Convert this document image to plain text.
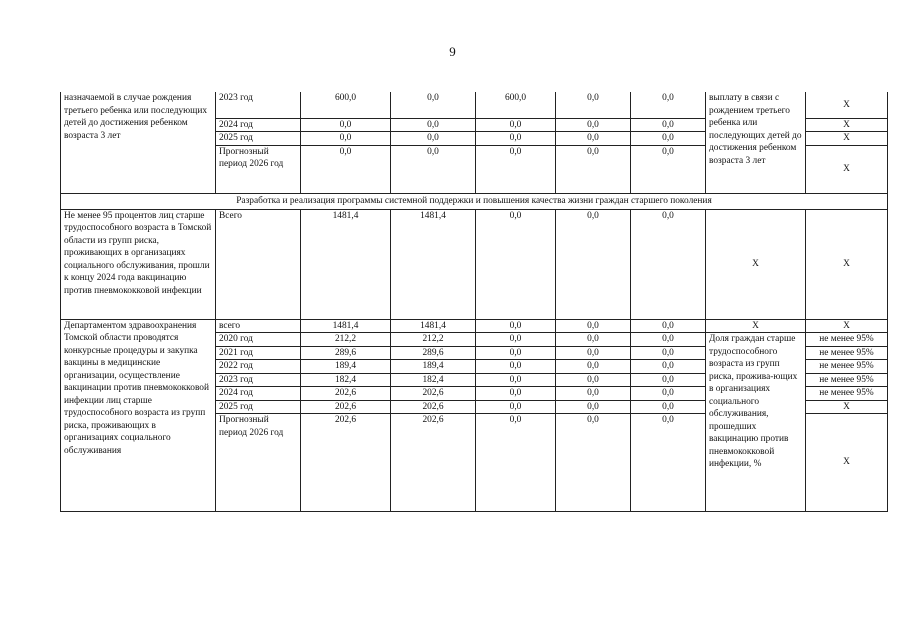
9
назначаемой в случае рождения третьего ребенка или последующих детей до достижения ребенком возраста 3 лет	2023 год	600,0	0,0	600,0	0,0	0,0	выплату в связи с рождением третьего ребенка или последующих детей до достижения ребенком возраста 3 лет	Х
	2024 год	0,0	0,0	0,0	0,0	0,0		Х
	2025 год	0,0	0,0	0,0	0,0	0,0		Х
	Прогнозный период 2026 год	0,0	0,0	0,0	0,0	0,0		Х
Разработка и реализация программы системной поддержки и повышения качества жизни граждан старшего поколения								
Не менее 95 процентов лиц старше трудоспособного возраста в Томской области из групп риска, проживающих в организациях социального обслуживания, прошли к концу 2024 года вакцинацию против пневмококковой инфекции	Всего	1481,4	1481,4	0,0	0,0	0,0	Х	Х
Департаментом здравоохранения Томской области проводятся конкурсные процедуры и закупка вакцины в медицинские организации, осуществление вакцинации против пневмококковой инфекции лиц старше трудоспособного возраста из групп риска, проживающих в организациях социального обслуживания	всего	1481,4	1481,4	0,0	0,0	0,0	Х	Х
	2020 год	212,2	212,2	0,0	0,0	0,0	Доля граждан старше трудоспособного возраста из групп риска, прожива-ющих в организациях социального обслуживания, прошедших вакцинацию против пневмококковой инфекции, %	не менее 95%
	2021 год	289,6	289,6	0,0	0,0	0,0		не менее 95%
	2022 год	189,4	189,4	0,0	0,0	0,0		не менее 95%
	2023 год	182,4	182,4	0,0	0,0	0,0		не менее 95%
	2024 год	202,6	202,6	0,0	0,0	0,0		не менее 95%
	2025 год	202,6	202,6	0,0	0,0	0,0		Х
	Прогнозный период 2026 год	202,6	202,6	0,0	0,0	0,0		Х
